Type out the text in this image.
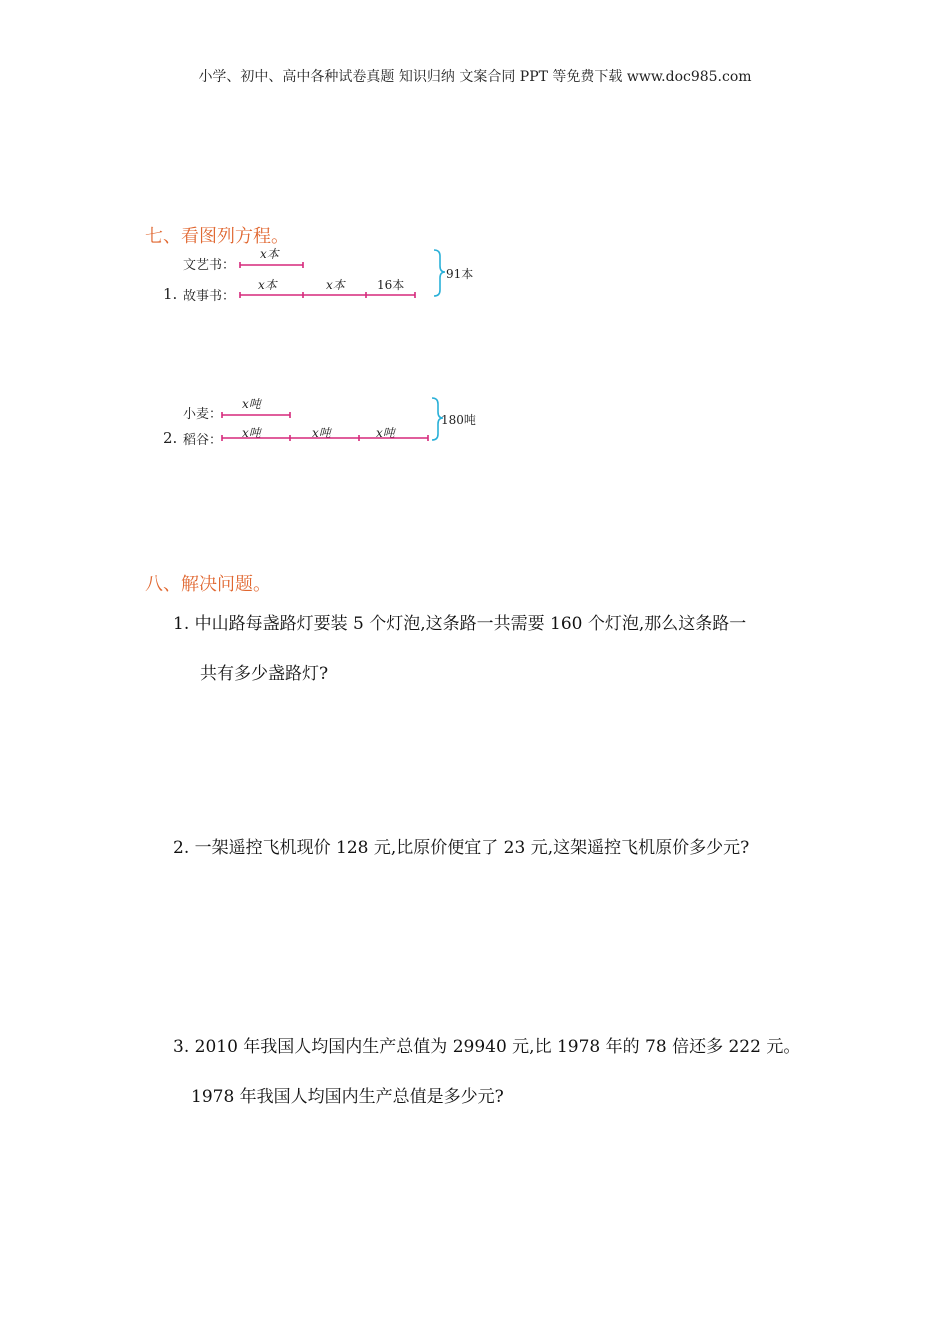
小学、初中、高中各种试卷真题 知识归纳 文案合同 PPT 等免费下载 www.doc985.com
七、看图列方程。
文艺书：
x本
1. 故事书：
x本	x本	16本
91本
小麦：
x吨
2. 稻谷： x吨	x吨	x吨
180吨
八、解决问题。
1. 中山路每盏路灯要装 5 个灯泡,这条路一共需要 160 个灯泡,那么这条路一
共有多少盏路灯?
2. 一架遥控飞机现价 128 元,比原价便宜了 23 元,这架遥控飞机原价多少元?
3. 2010 年我国人均国内生产总值为 29940 元,比 1978 年的 78 倍还多 222 元。
1978 年我国人均国内生产总值是多少元?
